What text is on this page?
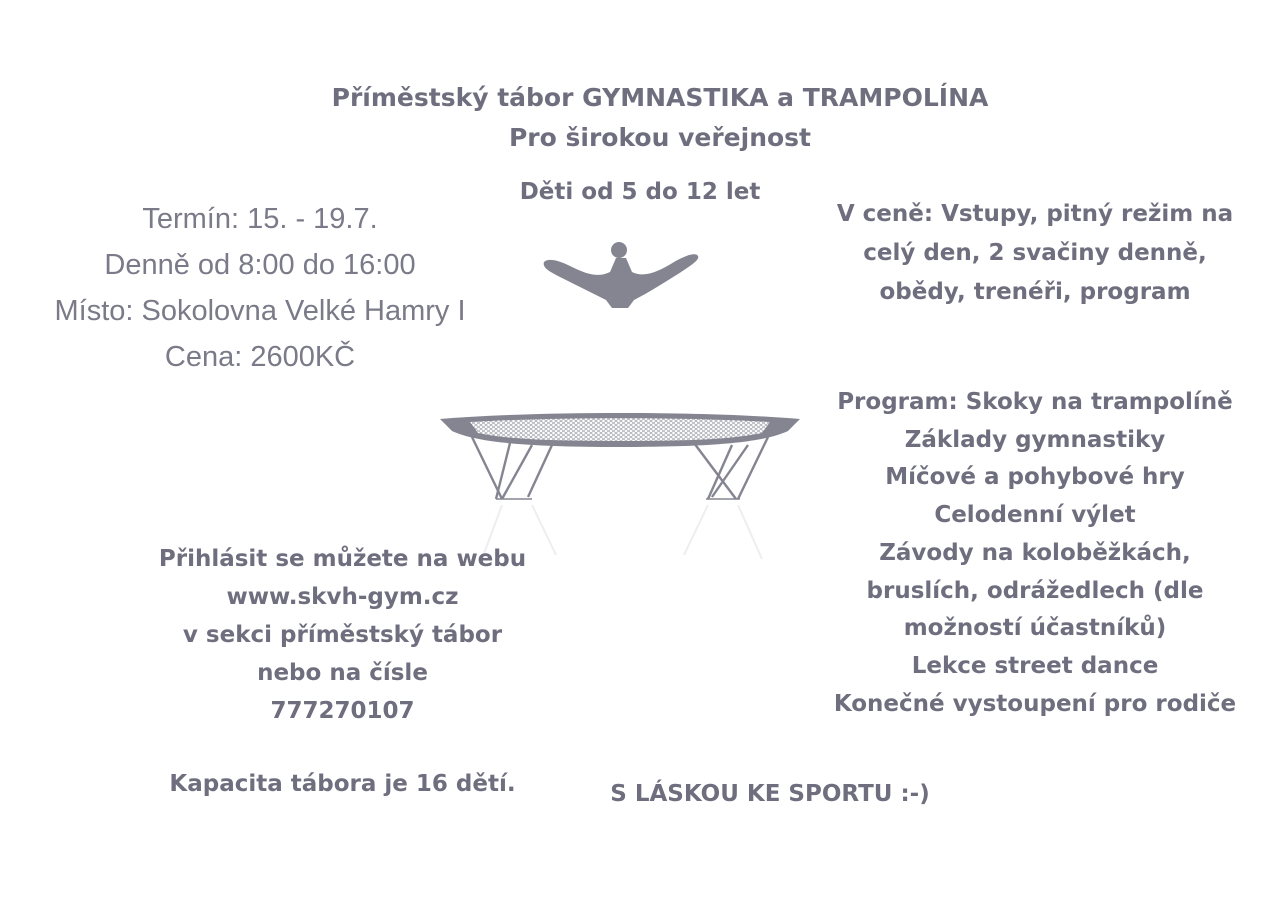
Příměstský tábor GYMNASTIKA a TRAMPOLÍNA
Pro širokou veřejnost
Děti od 5 do 12 let
Termín: 15. - 19.7.
Denně od 8:00 do 16:00
Místo: Sokolovna Velké Hamry I
Cena: 2600KČ
V ceně: Vstupy, pitný režim na
celý den, 2 svačiny denně,
obědy, trenéři, program
Program: Skoky na trampolíně
Základy gymnastiky
Míčové a pohybové hry
Celodenní výlet
Závody na koloběžkách,
bruslích, odrážedlech (dle
možností účastníků)
Lekce street dance
Konečné vystoupení pro rodiče
Přihlásit se můžete na webu
www.skvh-gym.cz
v sekci příměstský tábor
nebo na čísle
777270107
Kapacita tábora je 16 dětí.	S LÁSKOU KE SPORTU :-)
